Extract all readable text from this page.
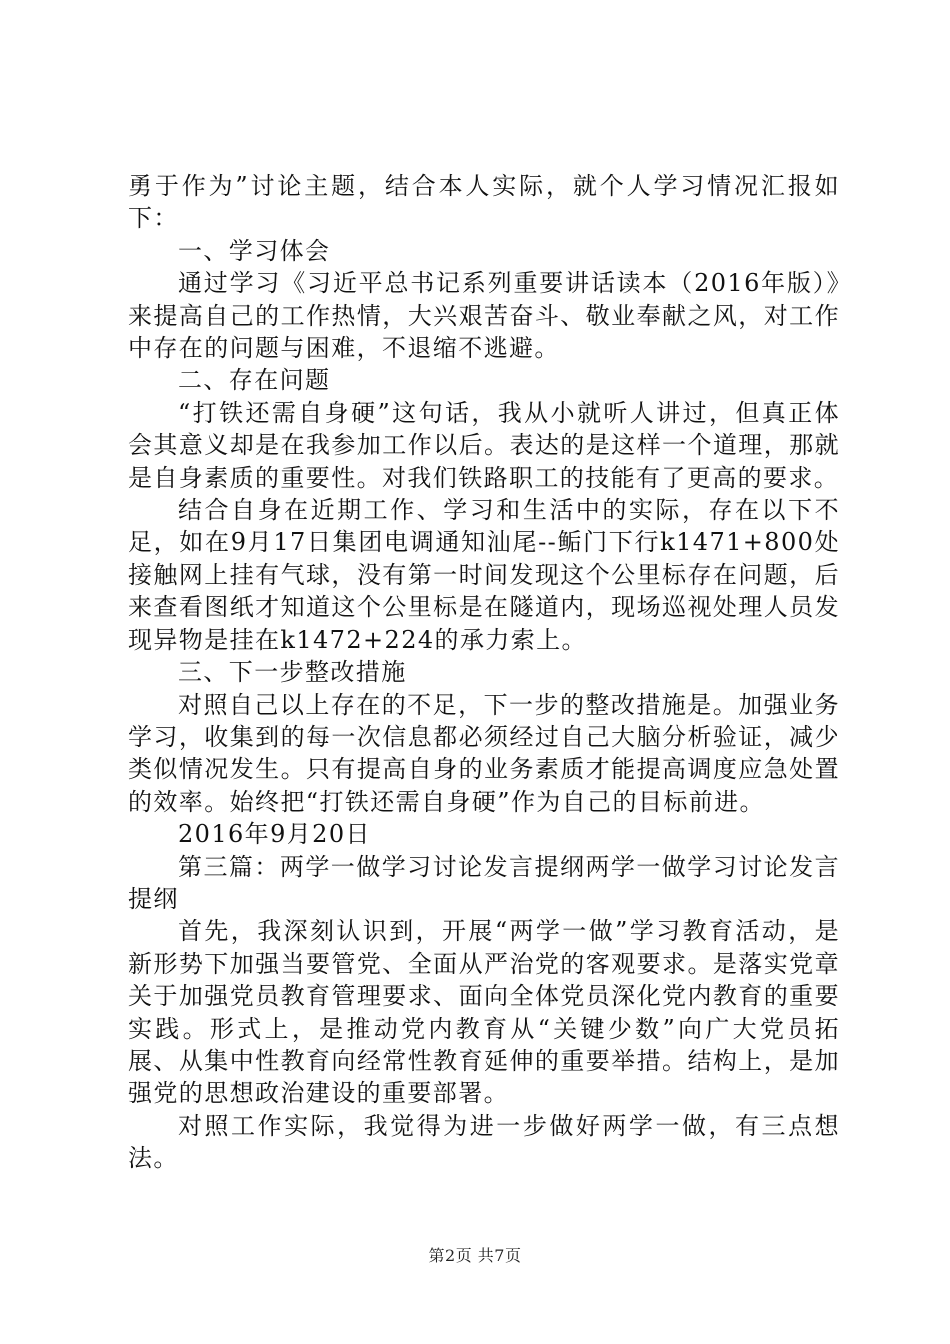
勇于作为”讨论主题，结合本人实际，就个人学习情况汇报如下：

一、学习体会

通过学习《习近平总书记系列重要讲话读本（2016年版）》来提高自己的工作热情，大兴艰苦奋斗、敬业奉献之风，对工作中存在的问题与困难，不退缩不逃避。

二、存在问题

“打铁还需自身硬”这句话，我从小就听人讲过，但真正体会其意义却是在我参加工作以后。表达的是这样一个道理，那就是自身素质的重要性。对我们铁路职工的技能有了更高的要求。

结合自身在近期工作、学习和生活中的实际，存在以下不足，如在9月17日集团电调通知汕尾--鲘门下行k1471+800处接触网上挂有气球，没有第一时间发现这个公里标存在问题，后来查看图纸才知道这个公里标是在隧道内，现场巡视处理人员发现异物是挂在k1472+224的承力索上。

三、下一步整改措施

对照自己以上存在的不足，下一步的整改措施是。加强业务学习，收集到的每一次信息都必须经过自己大脑分析验证，减少类似情况发生。只有提高自身的业务素质才能提高调度应急处置的效率。始终把“打铁还需自身硬”作为自己的目标前进。

2016年9月20日

第三篇：两学一做学习讨论发言提纲两学一做学习讨论发言提纲

首先，我深刻认识到，开展“两学一做”学习教育活动，是新形势下加强当要管党、全面从严治党的客观要求。是落实党章关于加强党员教育管理要求、面向全体党员深化党内教育的重要实践。形式上，是推动党内教育从“关键少数”向广大党员拓展、从集中性教育向经常性教育延伸的重要举措。结构上，是加强党的思想政治建设的重要部署。

对照工作实际，我觉得为进一步做好两学一做，有三点想法。

第2页 共7页
